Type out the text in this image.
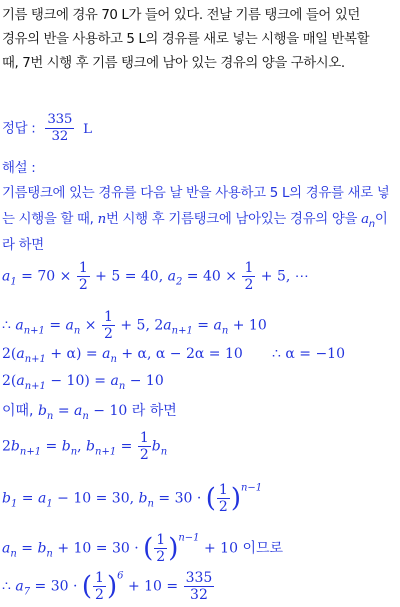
기름 탱크에 경유 70 L가 들어 있다. 전날 기름 탱크에 들어 있던
경유의 반을 사용하고 5 L의 경유를 새로 넣는 시행을 매일 반복할
때, 7번 시행 후 기름 탱크에 남아 있는 경유의 양을 구하시오.
정답 : $\frac{335}{32}$ L
해설 :
기름탱크에 있는 경유를 다음 날 반을 사용하고 5 L의 경유를 새로 넣
는 시행을 할 때, n번 시행 후 기름탱크에 남아있는 경유의 양을 $a_n$이
라 하면
$a_1 = 70 \times \frac{1}{2} + 5 = 40$, $a_2 = 40 \times \frac{1}{2} + 5$, ⋯
∴ $a_{n+1} = a_n \times \frac{1}{2} + 5$, $2a_{n+1} = a_n + 10$
$2(a_{n+1} + \alpha) = a_n + \alpha$, α − 2α = 10 ∴ α = −10
$2(a_{n+1} - 10) = a_n - 10$
이때, $b_n = a_n - 10$ 라 하면
$2b_{n+1} = b_n$, $b_{n+1} = \frac{1}{2} b_n$
$b_1 = a_1 - 10 = 30$, $b_n = 30$ · ( $\frac{1}{2} )^{n-1}$
$a_n = b_n + 10 = 30$ · ( $\frac{1}{2} )^{n-1} + 10$ 이므로
∴ $a_7 = 30$ · ( $\frac{1}{2} )^6 + 10 = \frac{335}{32}$
